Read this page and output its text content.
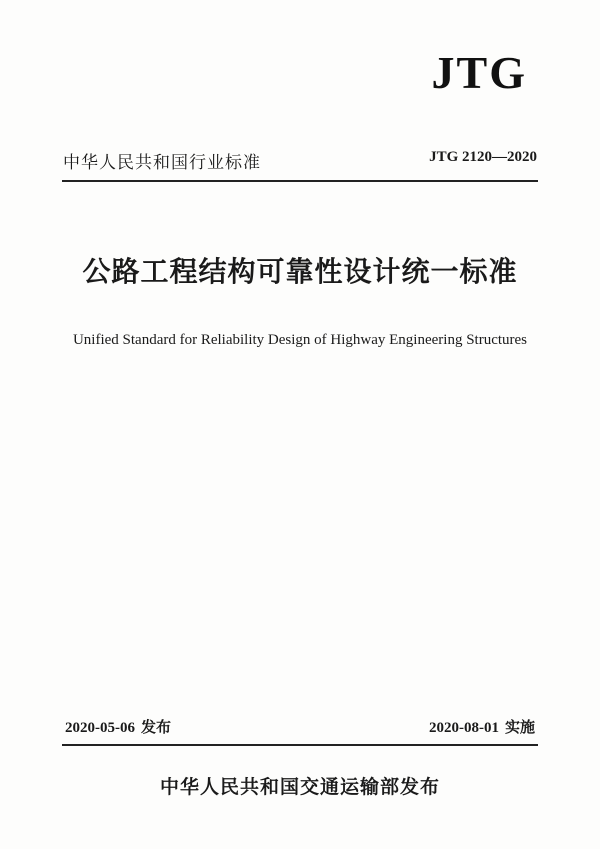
JTG
中华人民共和国行业标准	JTG 2120—2020
公路工程结构可靠性设计统一标准
Unified Standard for Reliability Design of Highway Engineering Structures
2020-05-06 发布	2020-08-01 实施
中华人民共和国交通运输部发布
